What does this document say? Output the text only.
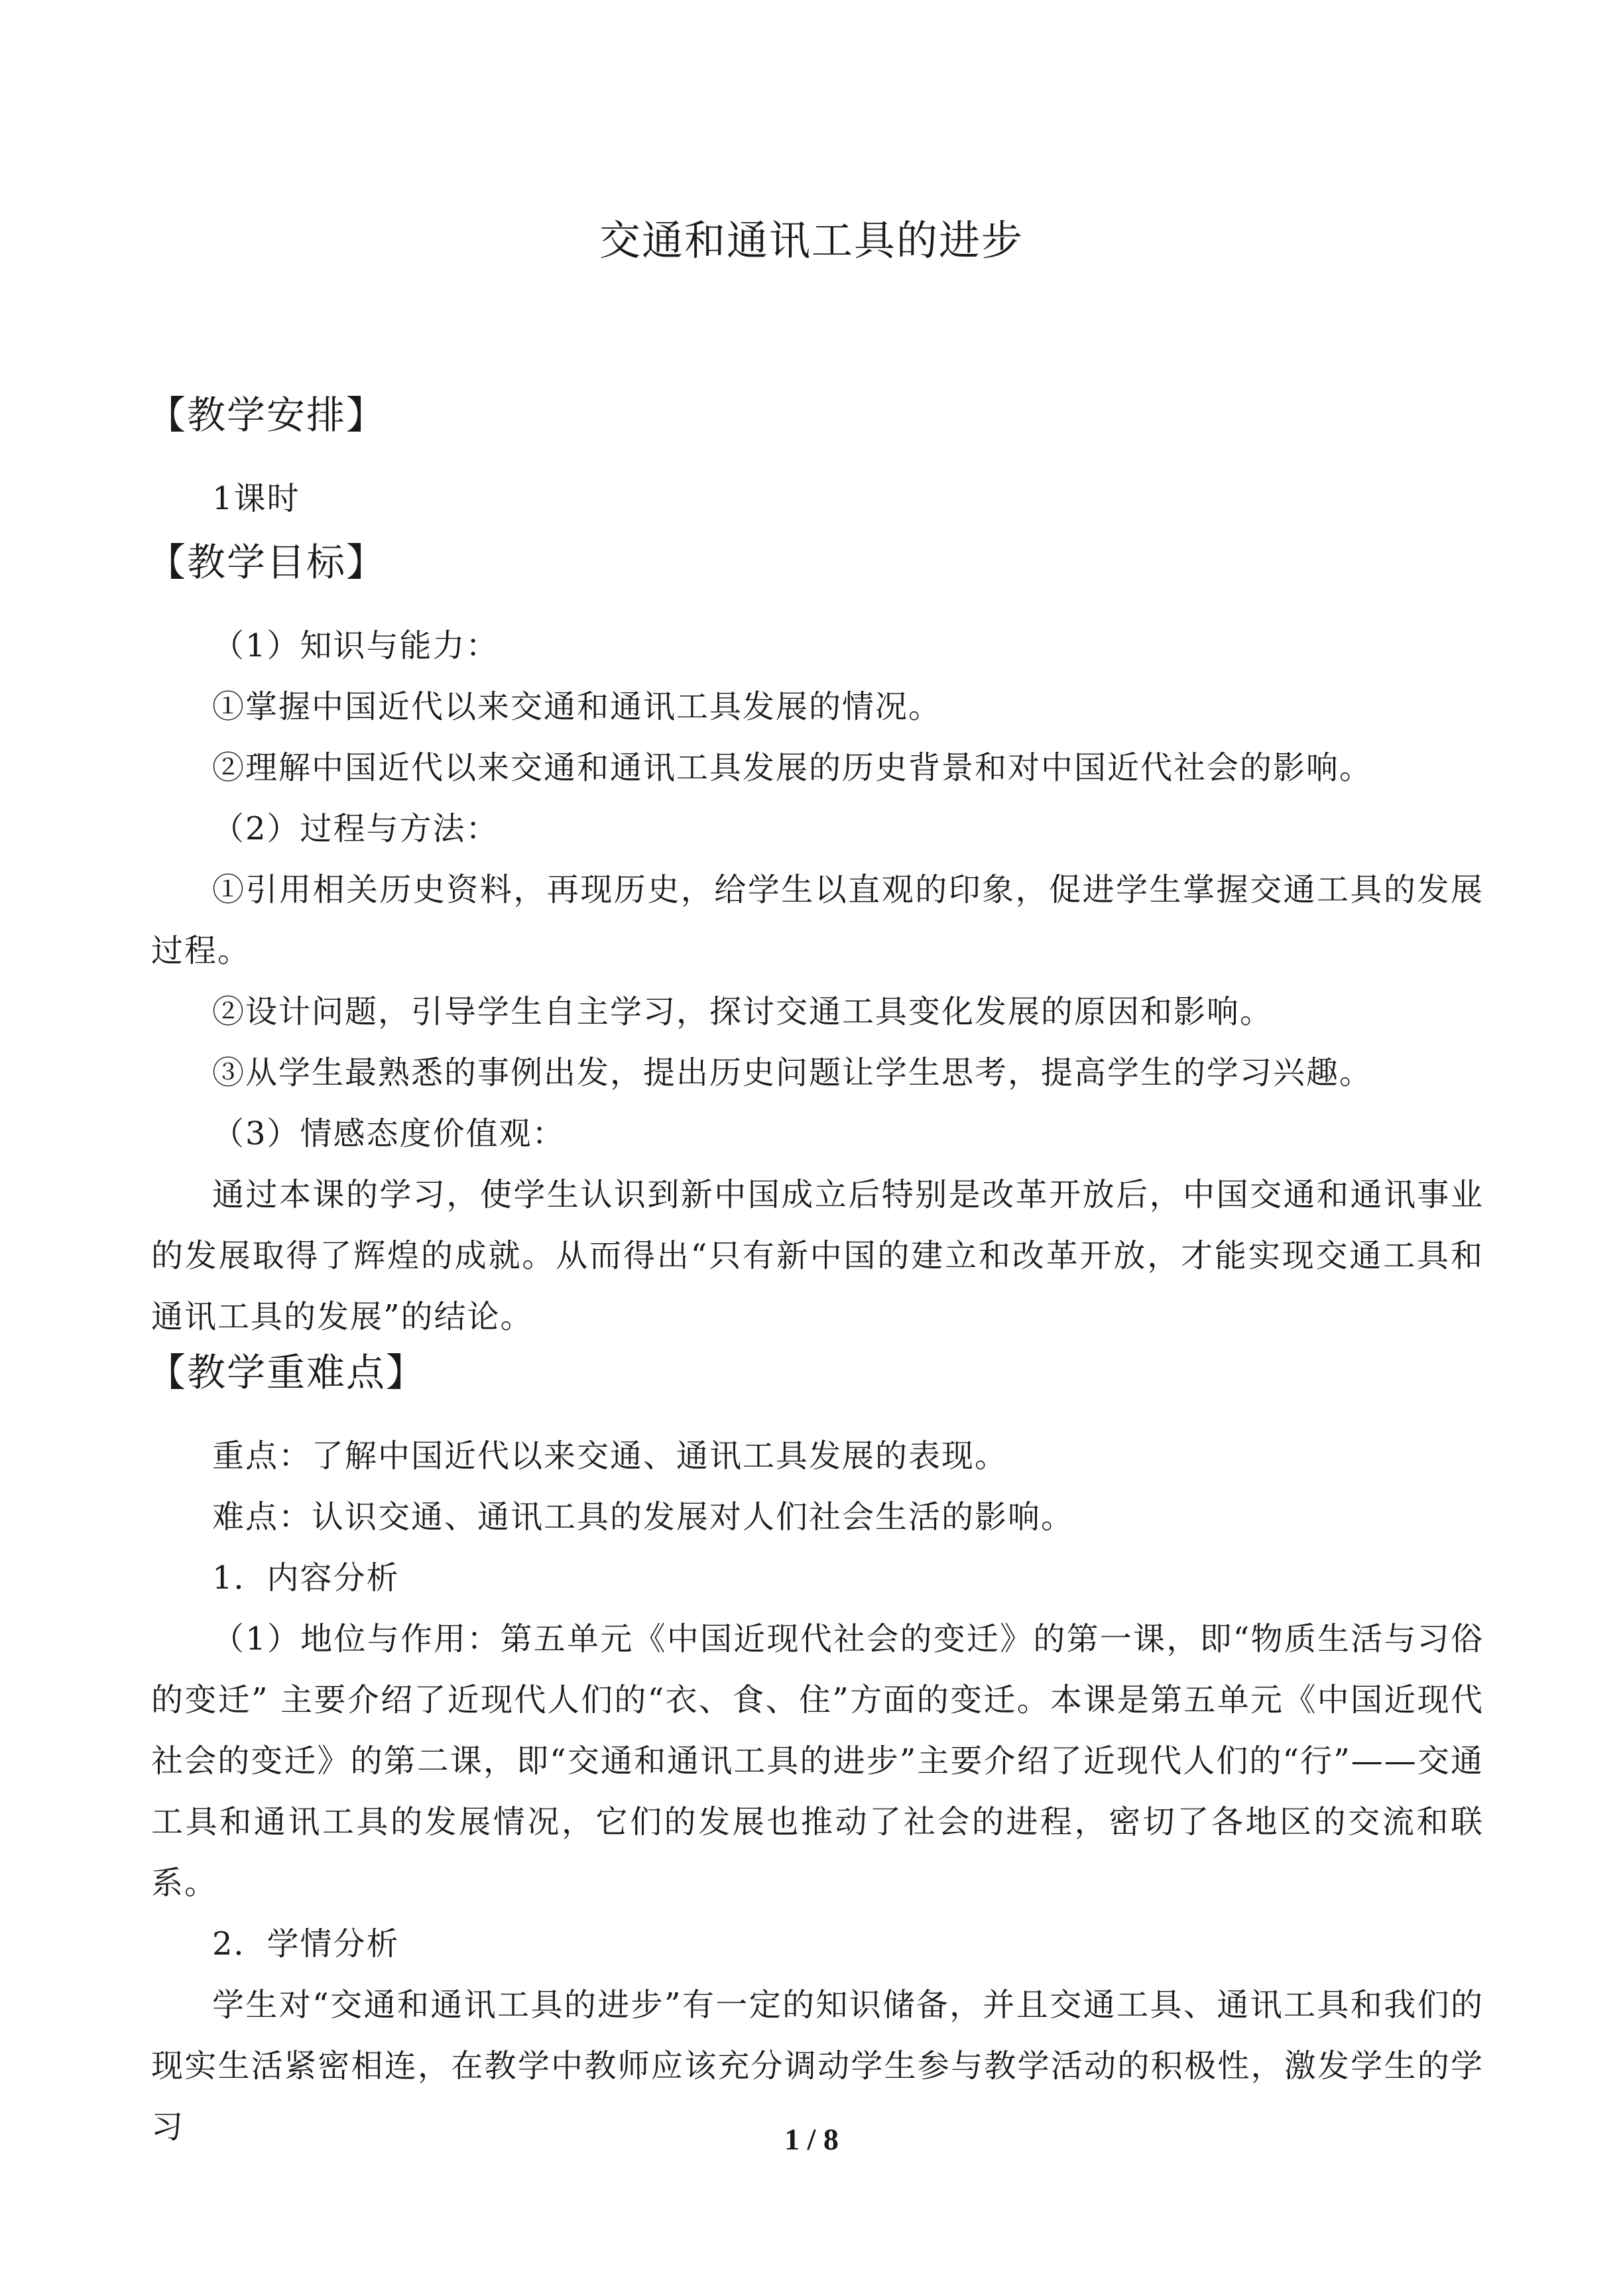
交通和通讯工具的进步
【教学安排】
1课时
【教学目标】
（1）知识与能力：
①掌握中国近代以来交通和通讯工具发展的情况。
②理解中国近代以来交通和通讯工具发展的历史背景和对中国近代社会的影响。
（2）过程与方法：
①引用相关历史资料，再现历史，给学生以直观的印象，促进学生掌握交通工具的发展过程。
②设计问题，引导学生自主学习，探讨交通工具变化发展的原因和影响。
③从学生最熟悉的事例出发，提出历史问题让学生思考，提高学生的学习兴趣。
（3）情感态度价值观：
通过本课的学习，使学生认识到新中国成立后特别是改革开放后，中国交通和通讯事业的发展取得了辉煌的成就。从而得出“只有新中国的建立和改革开放，才能实现交通工具和通讯工具的发展”的结论。
【教学重难点】
重点：了解中国近代以来交通、通讯工具发展的表现。
难点：认识交通、通讯工具的发展对人们社会生活的影响。
1．内容分析
（1）地位与作用：第五单元《中国近现代社会的变迁》的第一课，即“物质生活与习俗的变迁” 主要介绍了近现代人们的“衣、食、住”方面的变迁。本课是第五单元《中国近现代社会的变迁》的第二课，即“交通和通讯工具的进步”主要介绍了近现代人们的“行”——交通工具和通讯工具的发展情况，它们的发展也推动了社会的进程，密切了各地区的交流和联系。
2．学情分析
学生对“交通和通讯工具的进步”有一定的知识储备，并且交通工具、通讯工具和我们的现实生活紧密相连，在教学中教师应该充分调动学生参与教学活动的积极性，激发学生的学习	1 / 8
